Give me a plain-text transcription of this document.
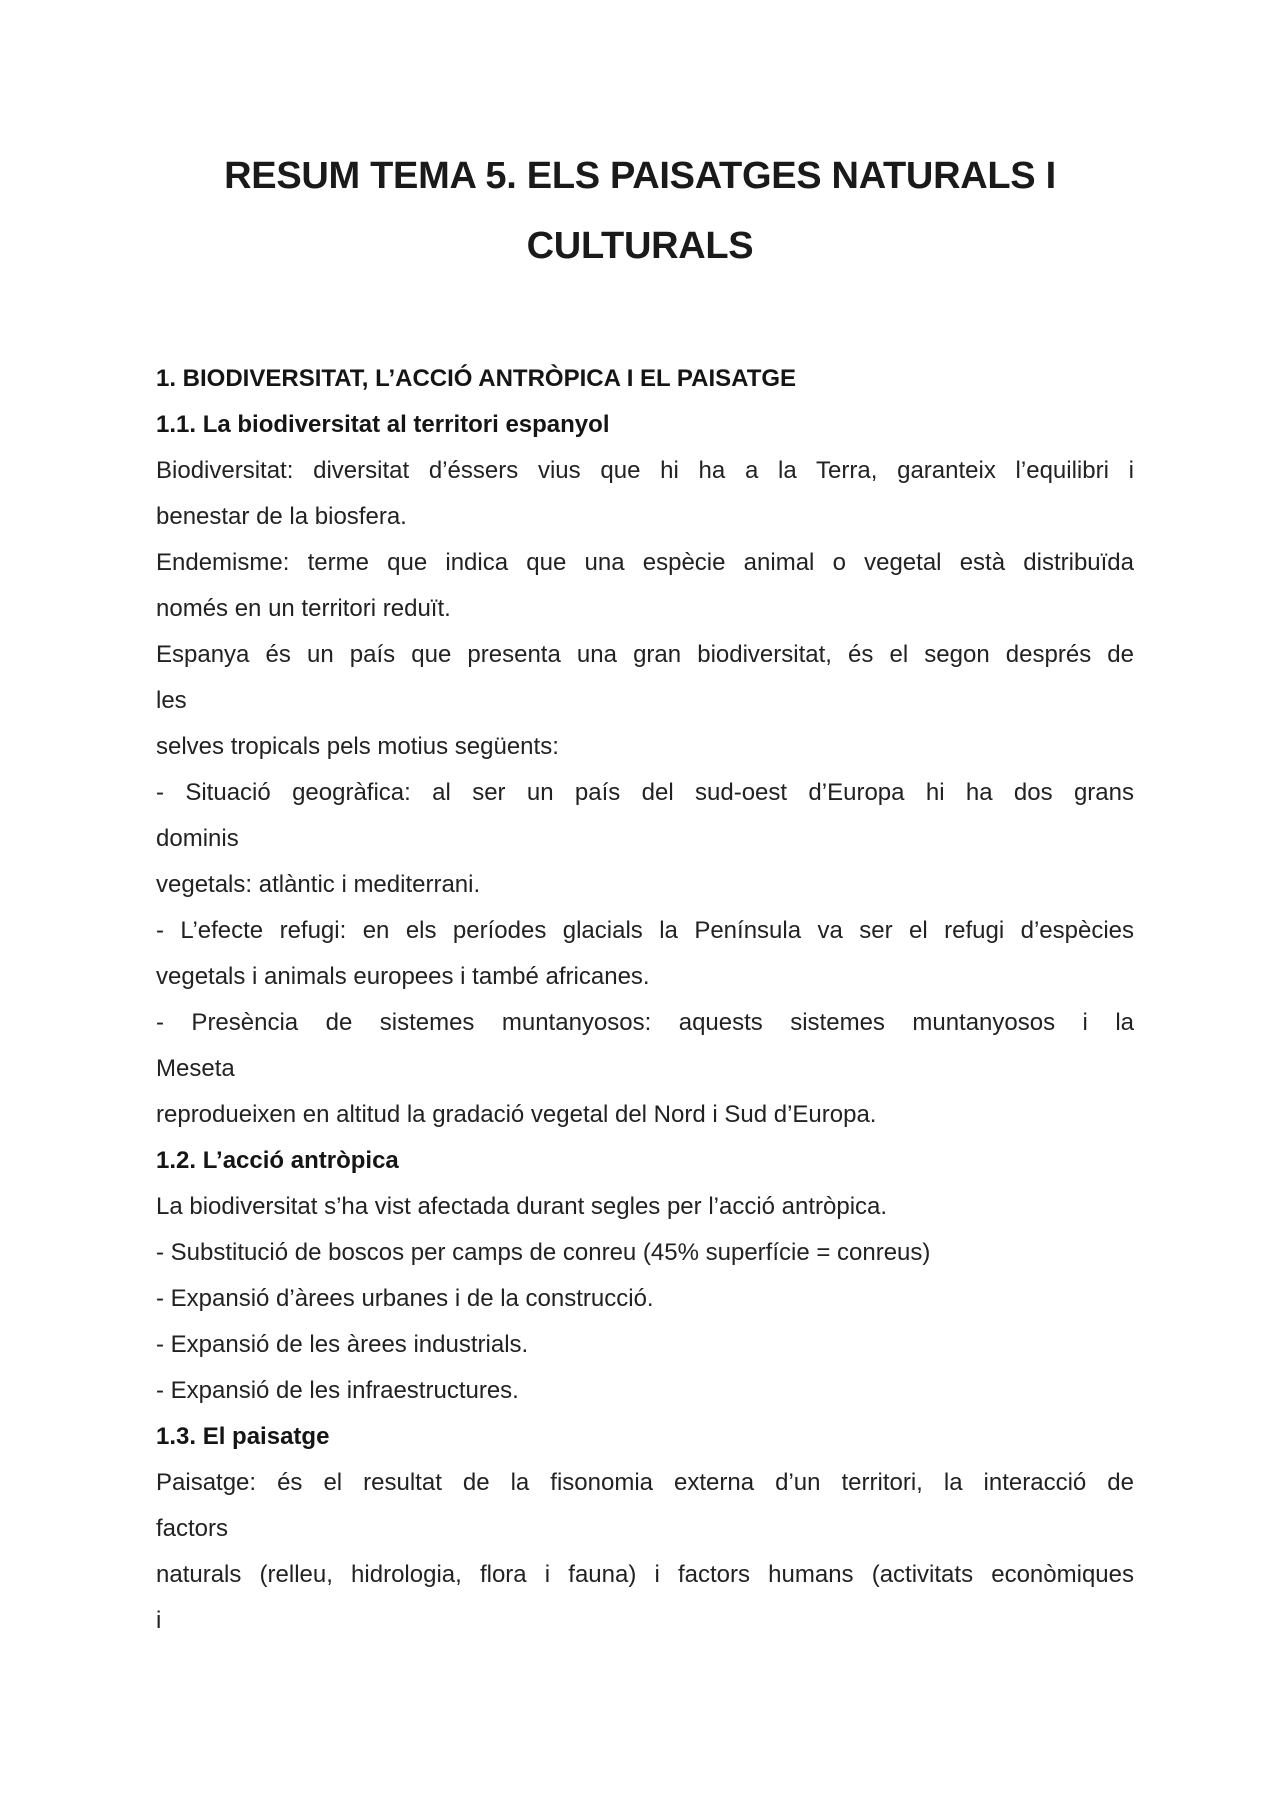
RESUM TEMA 5. ELS PAISATGES NATURALS I
CULTURALS

1. BIODIVERSITAT, L’ACCIÓ ANTRÒPICA I EL PAISATGE

1.1. La biodiversitat al territori espanyol

Biodiversitat: diversitat d’éssers vius que hi ha a la Terra, garanteix l’equilibri i

benestar de la biosfera.

Endemisme: terme que indica que una espècie animal o vegetal està distribuïda

només en un territori reduït.

Espanya és un país que presenta una gran biodiversitat, és el segon després de

les

selves tropicals pels motius següents:

- Situació geogràfica: al ser un país del sud-oest d’Europa hi ha dos grans

dominis

vegetals: atlàntic i mediterrani.

- L’efecte refugi: en els períodes glacials la Península va ser el refugi d’espècies

vegetals i animals europees i també africanes.

- Presència de sistemes muntanyosos: aquests sistemes muntanyosos i la

Meseta

reprodueixen en altitud la gradació vegetal del Nord i Sud d’Europa.

1.2. L’acció antròpica

La biodiversitat s’ha vist afectada durant segles per l’acció antròpica.

- Substitució de boscos per camps de conreu (45% superfície = conreus)

- Expansió d’àrees urbanes i de la construcció.

- Expansió de les àrees industrials.

- Expansió de les infraestructures.

1.3. El paisatge

Paisatge: és el resultat de la fisonomia externa d’un territori, la interacció de

factors

naturals (relleu, hidrologia, flora i fauna) i factors humans (activitats econòmiques

i
